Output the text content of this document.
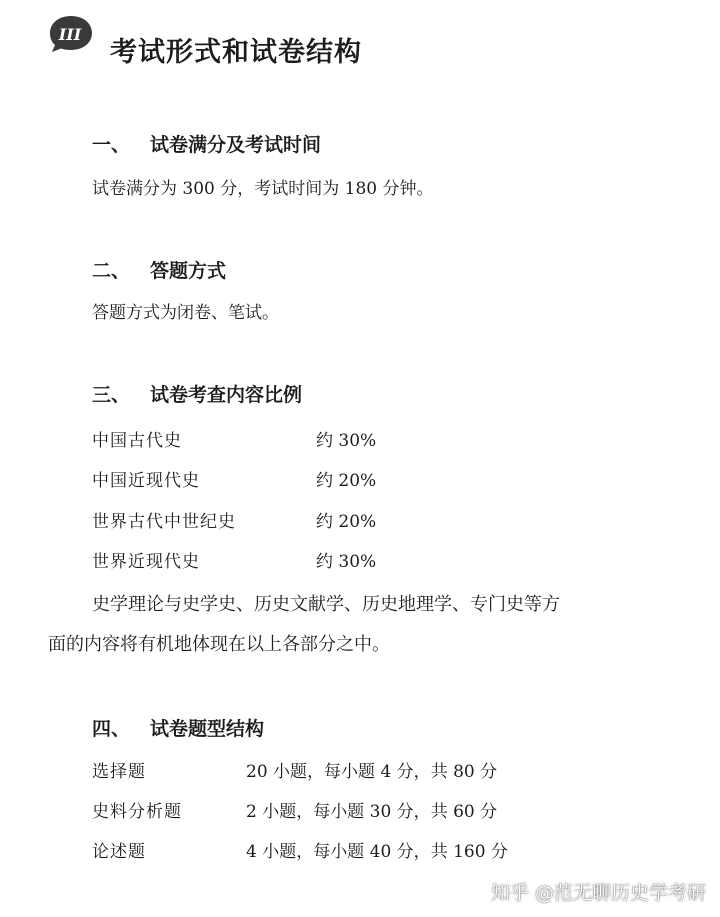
III
考试形式和试卷结构
一、 试卷满分及考试时间
试卷满分为 300 分，考试时间为 180 分钟。
二、 答题方式
答题方式为闭卷、笔试。
三、 试卷考查内容比例
中国古代史	约 30%
中国近现代史	约 20%
世界古代中世纪史	约 20%
世界近现代史	约 30%
史学理论与史学史、历史文献学、历史地理学、专门史等方
面的内容将有机地体现在以上各部分之中。
四、 试卷题型结构
选择题	20 小题，每小题 4 分，共 80 分
史料分析题	2 小题，每小题 30 分，共 60 分
论述题	4 小题，每小题 40 分，共 160 分
知乎 @范无聊历史学考研
